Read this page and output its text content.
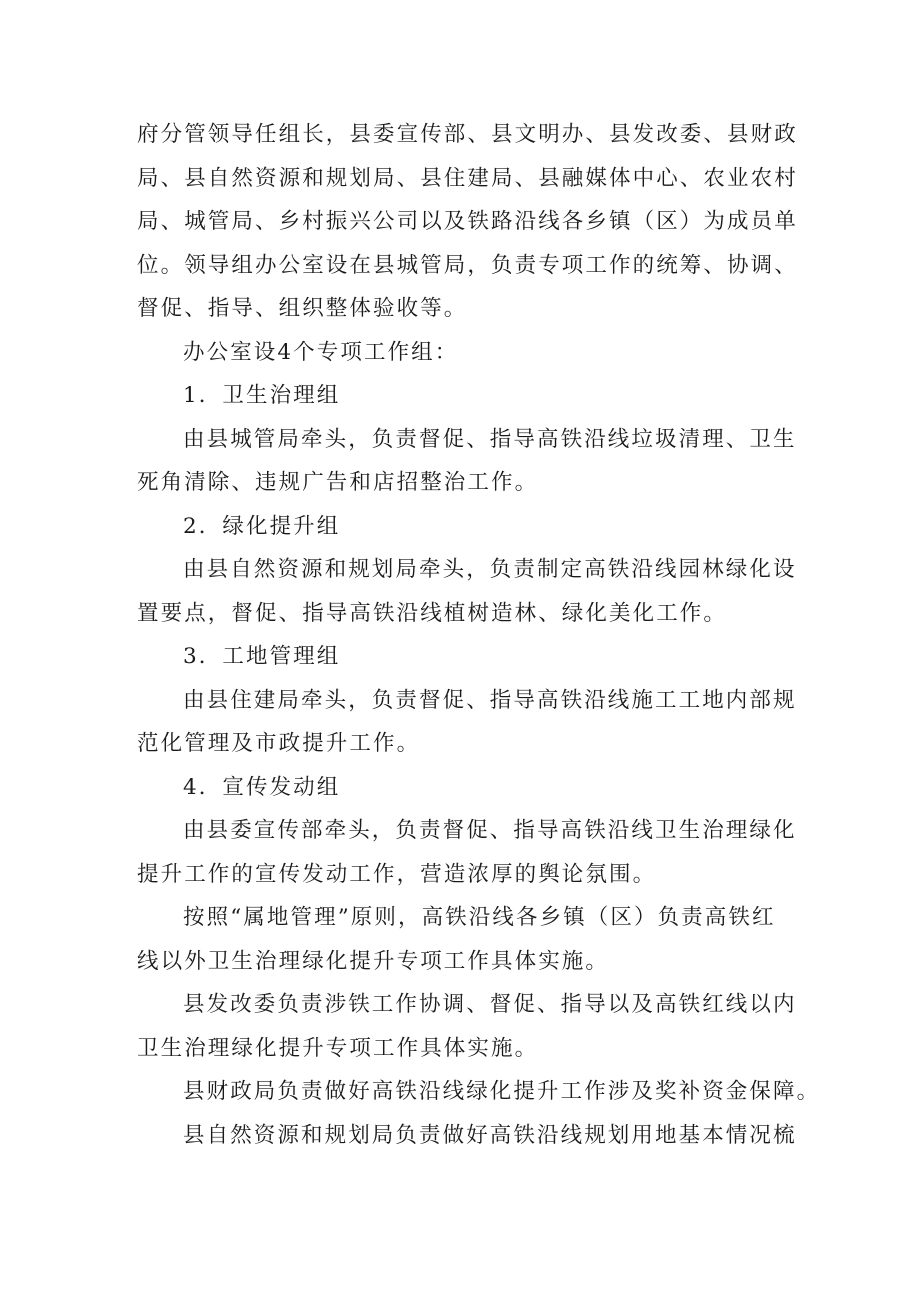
府分管领导任组长，县委宣传部、县文明办、县发改委、县财政
局、县自然资源和规划局、县住建局、县融媒体中心、农业农村
局、城管局、乡村振兴公司以及铁路沿线各乡镇（区）为成员单
位。领导组办公室设在县城管局，负责专项工作的统筹、协调、
督促、指导、组织整体验收等。
办公室设4个专项工作组：
1．卫生治理组
由县城管局牵头，负责督促、指导高铁沿线垃圾清理、卫生
死角清除、违规广告和店招整治工作。
2．绿化提升组
由县自然资源和规划局牵头，负责制定高铁沿线园林绿化设
置要点，督促、指导高铁沿线植树造林、绿化美化工作。
3．工地管理组
由县住建局牵头，负责督促、指导高铁沿线施工工地内部规
范化管理及市政提升工作。
4．宣传发动组
由县委宣传部牵头，负责督促、指导高铁沿线卫生治理绿化
提升工作的宣传发动工作，营造浓厚的舆论氛围。
按照“属地管理”原则，高铁沿线各乡镇（区）负责高铁红
线以外卫生治理绿化提升专项工作具体实施。
县发改委负责涉铁工作协调、督促、指导以及高铁红线以内
卫生治理绿化提升专项工作具体实施。
县财政局负责做好高铁沿线绿化提升工作涉及奖补资金保障。
县自然资源和规划局负责做好高铁沿线规划用地基本情况梳
